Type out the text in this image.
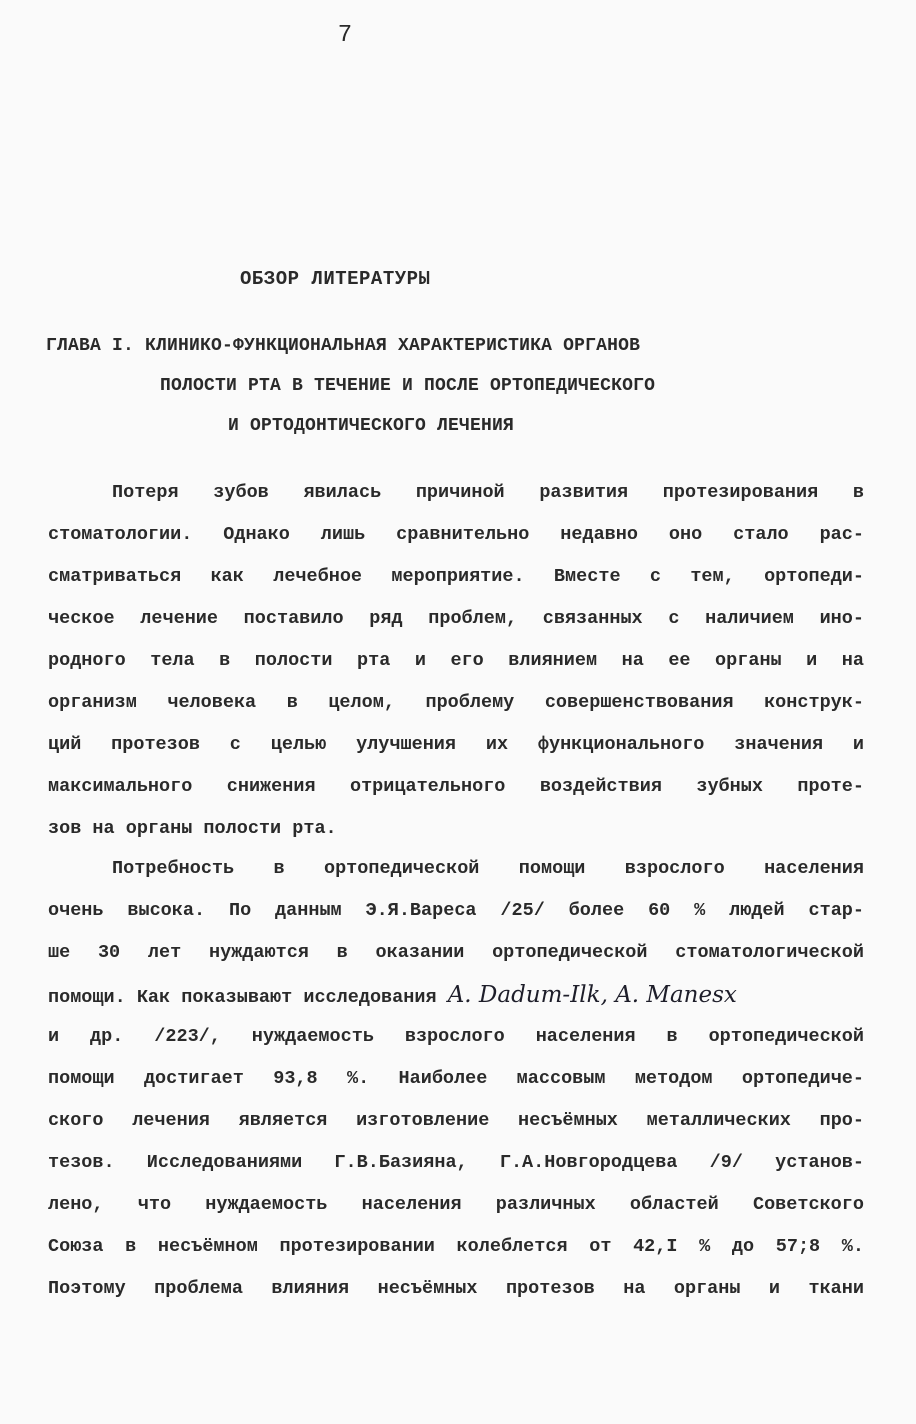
7
ОБЗОР ЛИТЕРАТУРЫ
ГЛАВА I. КЛИНИКО-ФУНКЦИОНАЛЬНАЯ ХАРАКТЕРИСТИКА ОРГАНОВ
ПОЛОСТИ РТА В ТЕЧЕНИЕ И ПОСЛЕ ОРТОПЕДИЧЕСКОГО
И ОРТОДОНТИЧЕСКОГО ЛЕЧЕНИЯ
Потеря зубов явилась причиной развития протезирования в
стоматологии. Однако лишь сравнительно недавно оно стало рас-
сматриваться как лечебное мероприятие. Вместе с тем, ортопеди-
ческое лечение поставило ряд проблем, связанных с наличием ино-
родного тела в полости рта и его влиянием на ее органы и на
организм человека в целом, проблему совершенствования конструк-
ций протезов с целью улучшения их функционального значения и
максимального снижения отрицательного воздействия зубных проте-
зов на органы полости рта.
Потребность в ортопедической помощи взрослого населения
очень высока. По данным Э.Я.Вареса /25/ более 60 % людей стар-
ше 30 лет нуждаются в оказании ортопедической стоматологической
помощи. Как показывают исследования A. Dadum-Ilk, A. Manesx
и др. /223/, нуждаемость взрослого населения в ортопедической
помощи достигает 93,8 %. Наиболее массовым методом ортопедиче-
ского лечения является изготовление несъёмных металлических про-
тезов. Исследованиями Г.В.Базияна, Г.А.Новгородцева /9/ установ-
лено, что нуждаемость населения различных областей Советского
Союза в несъёмном протезировании колеблется от 42,I % до 57;8 %.
Поэтому проблема влияния несъёмных протезов на органы и ткани
